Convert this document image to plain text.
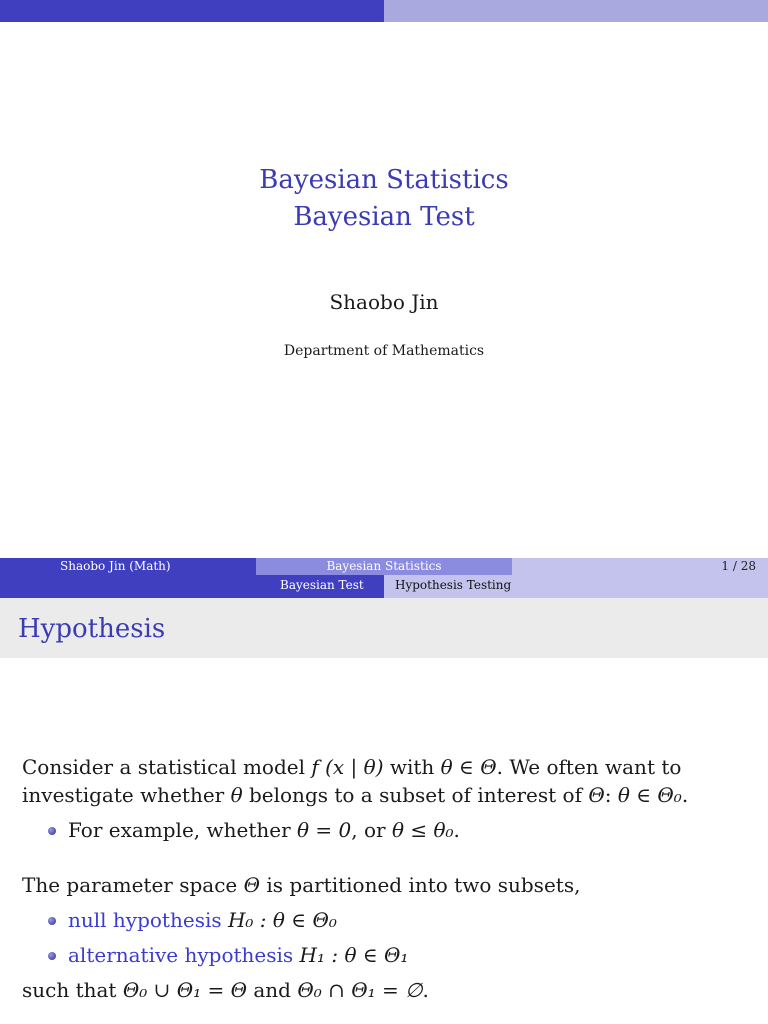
Bayesian Statistics
Bayesian Test
Shaobo Jin
Department of Mathematics
Shaobo Jin (Math)	Bayesian Statistics	1 / 28
Bayesian Test	Hypothesis Testing
Hypothesis
Consider a statistical model f (x | θ) with θ ∈ Θ. We often want to
investigate whether θ belongs to a subset of interest of Θ: θ ∈ Θ₀.
For example, whether θ = 0, or θ ≤ θ₀.
The parameter space Θ is partitioned into two subsets,
null hypothesis H₀ : θ ∈ Θ₀
alternative hypothesis H₁ : θ ∈ Θ₁
such that Θ₀ ∪ Θ₁ = Θ and Θ₀ ∩ Θ₁ = ∅.
